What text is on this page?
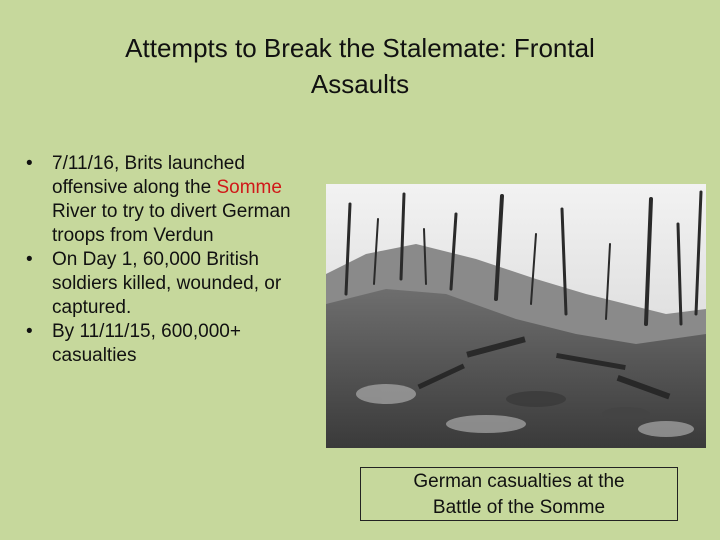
Attempts to Break the Stalemate: Frontal
Assaults
• 7/11/16, Brits launched offensive along the Somme River to try to divert German troops from Verdun
• On Day 1, 60,000 British soldiers killed, wounded, or captured.
• By 11/11/15, 600,000+ casualties
German casualties at the
Battle of the Somme
